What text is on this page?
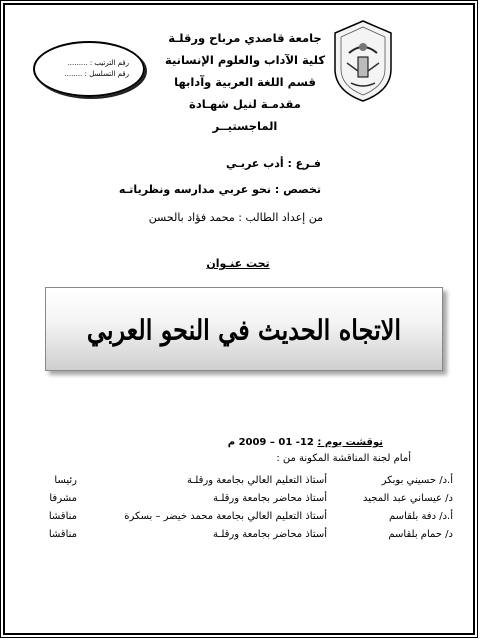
رقم الترتيب : .........
رقم التسلسل : ........
جامعة قاصدي مرباح ورقلـة
كلية الآداب والعلوم الإنسانية
قسم اللغة العربية وآدابها
مقدمـة لنيل شهـادة
الماجستيــر
فـرع : أدب عربـي
تخصص : نحو عربي مدارسه ونظرياتـه
من إعداد الطالب : محمد فؤاد بالحسن
تحت عنـوان
الاتجاه الحديث في النحو العربي
نوقشت يوم : 12- 01 – 2009 م
أمام لجنة المناقشة المكونة من :
أ.د/ حسيني بوبكر
أستاذ التعليم العالي بجامعة ورقلـة
رئيسا
د/ عيساني عبد المجيد
أستاذ محاضر بجامعة ورقلـة
مشرفا
أ.د/ دفة بلقاسم
أستاذ التعليم العالي بجامعة محمد خيضر – بسكرة
مناقشا
د/ حمام بلقاسم
أستاذ محاضر بجامعة ورقلـة
مناقشا
